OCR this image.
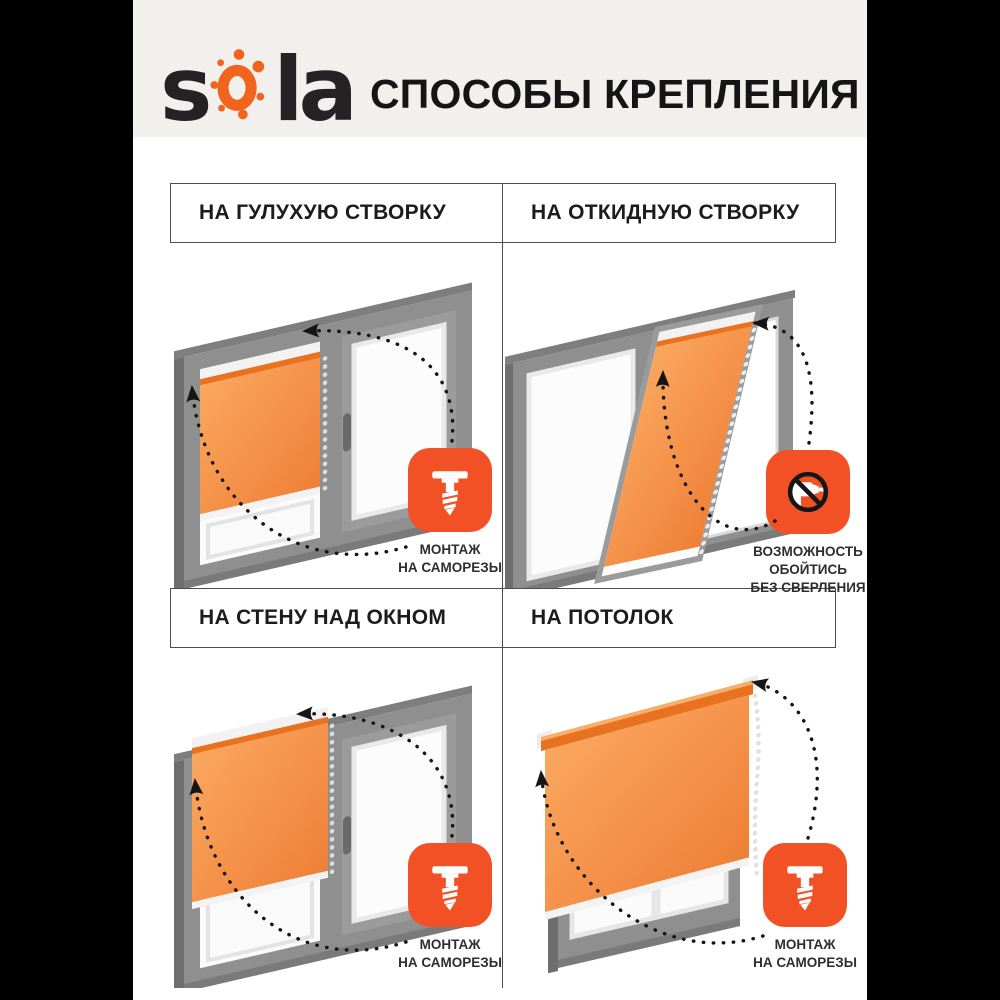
s la СПОСОБЫ КРЕПЛЕНИЯ
НА ГУЛУХУЮ СТВОРКУ	НА ОТКИДНУЮ СТВОРКУ
МОНТАЖ
НА САМОРЕЗЫ
ВОЗМОЖНОСТЬ
ОБОЙТИСЬ
БЕЗ СВЕРЛЕНИЯ
НА СТЕНУ НАД ОКНОМ	НА ПОТОЛОК
МОНТАЖ
НА САМОРЕЗЫ
МОНТАЖ
НА САМОРЕЗЫ
